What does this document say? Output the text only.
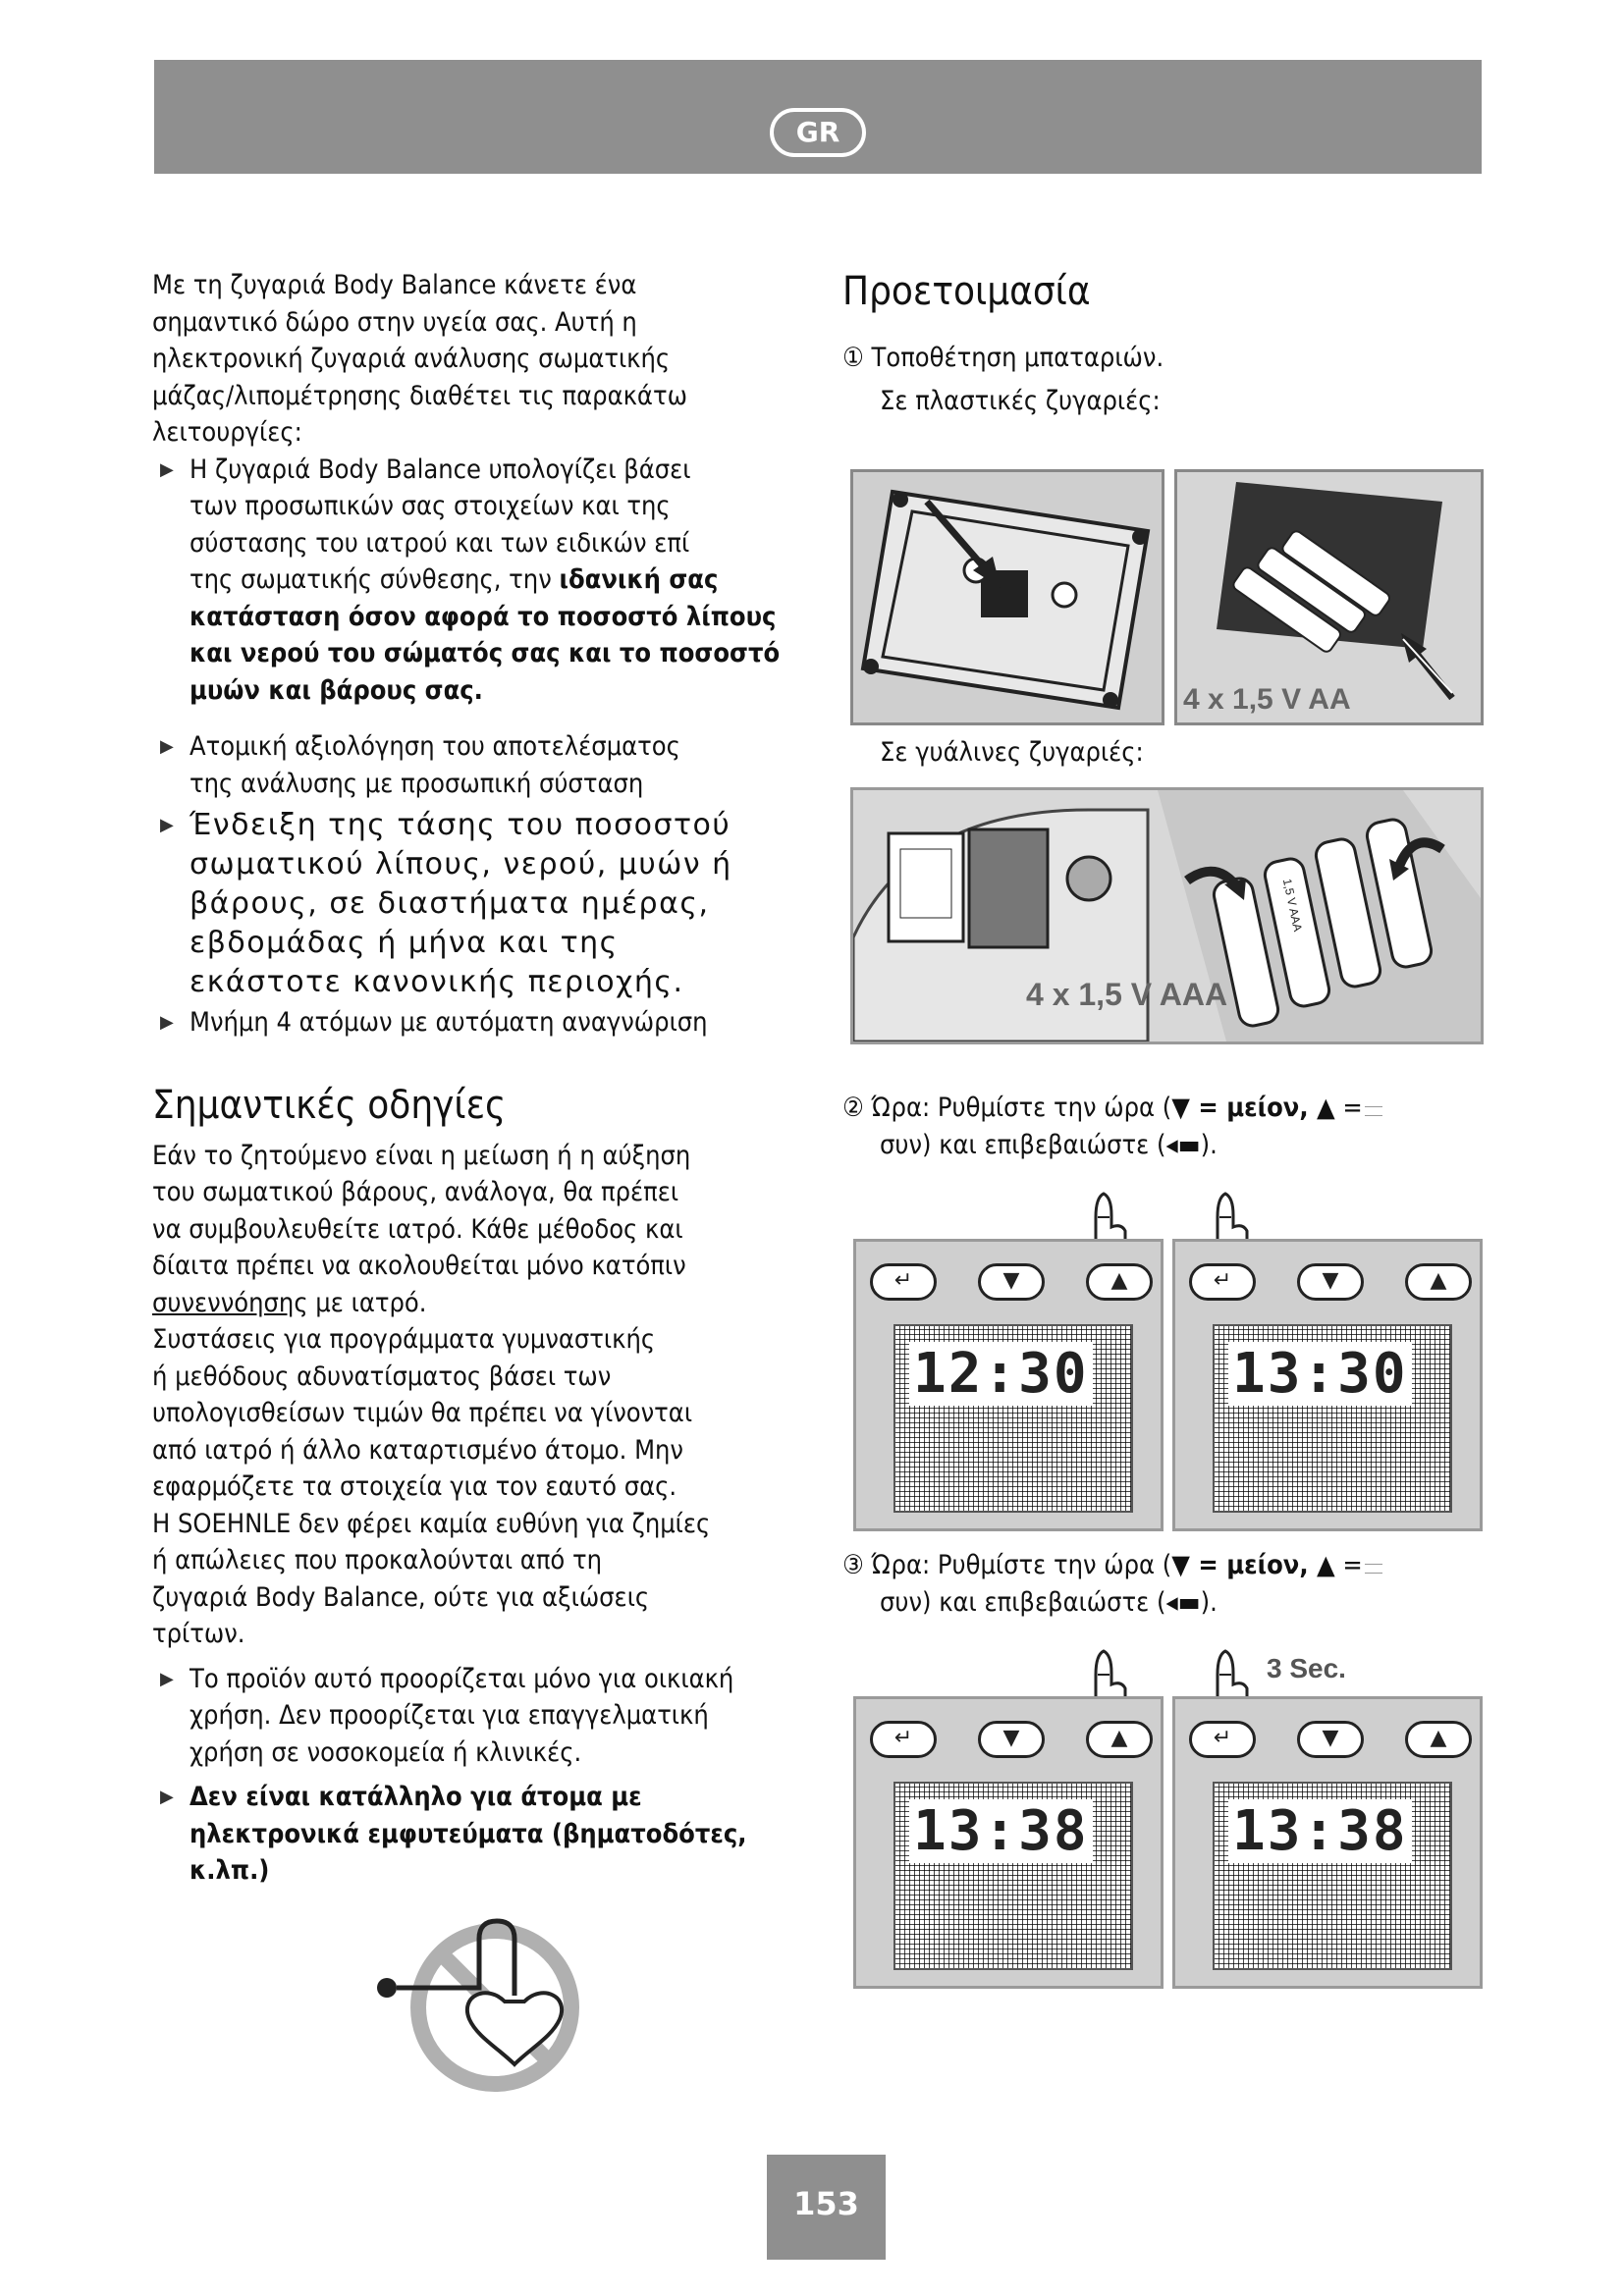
GR

Με τη ζυγαριά Body Balance κάνετε ένα

σημαντικό δώρο στην υγεία σας. Αυτή η

ηλεκτρονική ζυγαριά ανάλυσης σωματικής

μάζας/λιπομέτρησης διαθέτει τις παρακάτω

λειτουργίες:

▶ Η ζυγαριά Body Balance υπολογίζει βάσει

των προσωπικών σας στοιχείων και της

σύστασης του ιατρού και των ειδικών επί

της σωματικής σύνθεσης, την ιδανική σας

κατάσταση όσον αφορά το ποσοστό λίπους

και νερού του σώματός σας και το ποσοστό

μυών και βάρους σας.

▶ Ατομική αξιολόγηση του αποτελέσματος

της ανάλυσης με προσωπική σύσταση

▶ Ένδειξη της τάσης του ποσοστού

σωματικού λίπους, νερού, μυών ή

βάρους, σε διαστήματα ημέρας,

εβδομάδας ή μήνα και της

εκάστοτε κανονικής περιοχής.

▶ Μνήμη 4 ατόμων με αυτόματη αναγνώριση

Σημαντικές οδηγίες

Εάν το ζητούμενο είναι η μείωση ή η αύξηση

του σωματικού βάρους, ανάλογα, θα πρέπει

να συμβουλευθείτε ιατρό. Κάθε μέθοδος και

δίαιτα πρέπει να ακολουθείται μόνο κατόπιν

συνεννόησης με ιατρό.

Συστάσεις για προγράμματα γυμναστικής

ή μεθόδους αδυνατίσματος βάσει των

υπολογισθείσων τιμών θα πρέπει να γίνονται

από ιατρό ή άλλο καταρτισμένο άτομο. Μην

εφαρμόζετε τα στοιχεία για τον εαυτό σας.

Η SOEHNLE δεν φέρει καμία ευθύνη για ζημίες

ή απώλειες που προκαλούνται από τη

ζυγαριά Body Balance, ούτε για αξιώσεις

τρίτων.

▶ Το προϊόν αυτό προορίζεται μόνο για οικιακή

χρήση. Δεν προορίζεται για επαγγελματική

χρήση σε νοσοκομεία ή κλινικές.

▶ Δεν είναι κατάλληλο για άτομα με

ηλεκτρονικά εμφυτεύματα (βηματοδότες,

κ.λπ.)

Προετοιμασία

① Τοποθέτηση μπαταριών.

Σε πλαστικές ζυγαριές:

4 x 1,5 V AA

Σε γυάλινες ζυγαριές:

4 x 1,5 V AAA
1,5 V AAA

② Ώρα: Ρυθμίστε την ώρα (▼ = μείον, ▲ =

συν) και επιβεβαιώστε (◂▬).

↵	▼	▲
12:30
↵	▼	▲
13:30

③ Ώρα: Ρυθμίστε την ώρα (▼ = μείον, ▲ =

συν) και επιβεβαιώστε (◂▬).

3 Sec.
↵	▼	▲
13:38
↵	▼	▲
13:38
153
